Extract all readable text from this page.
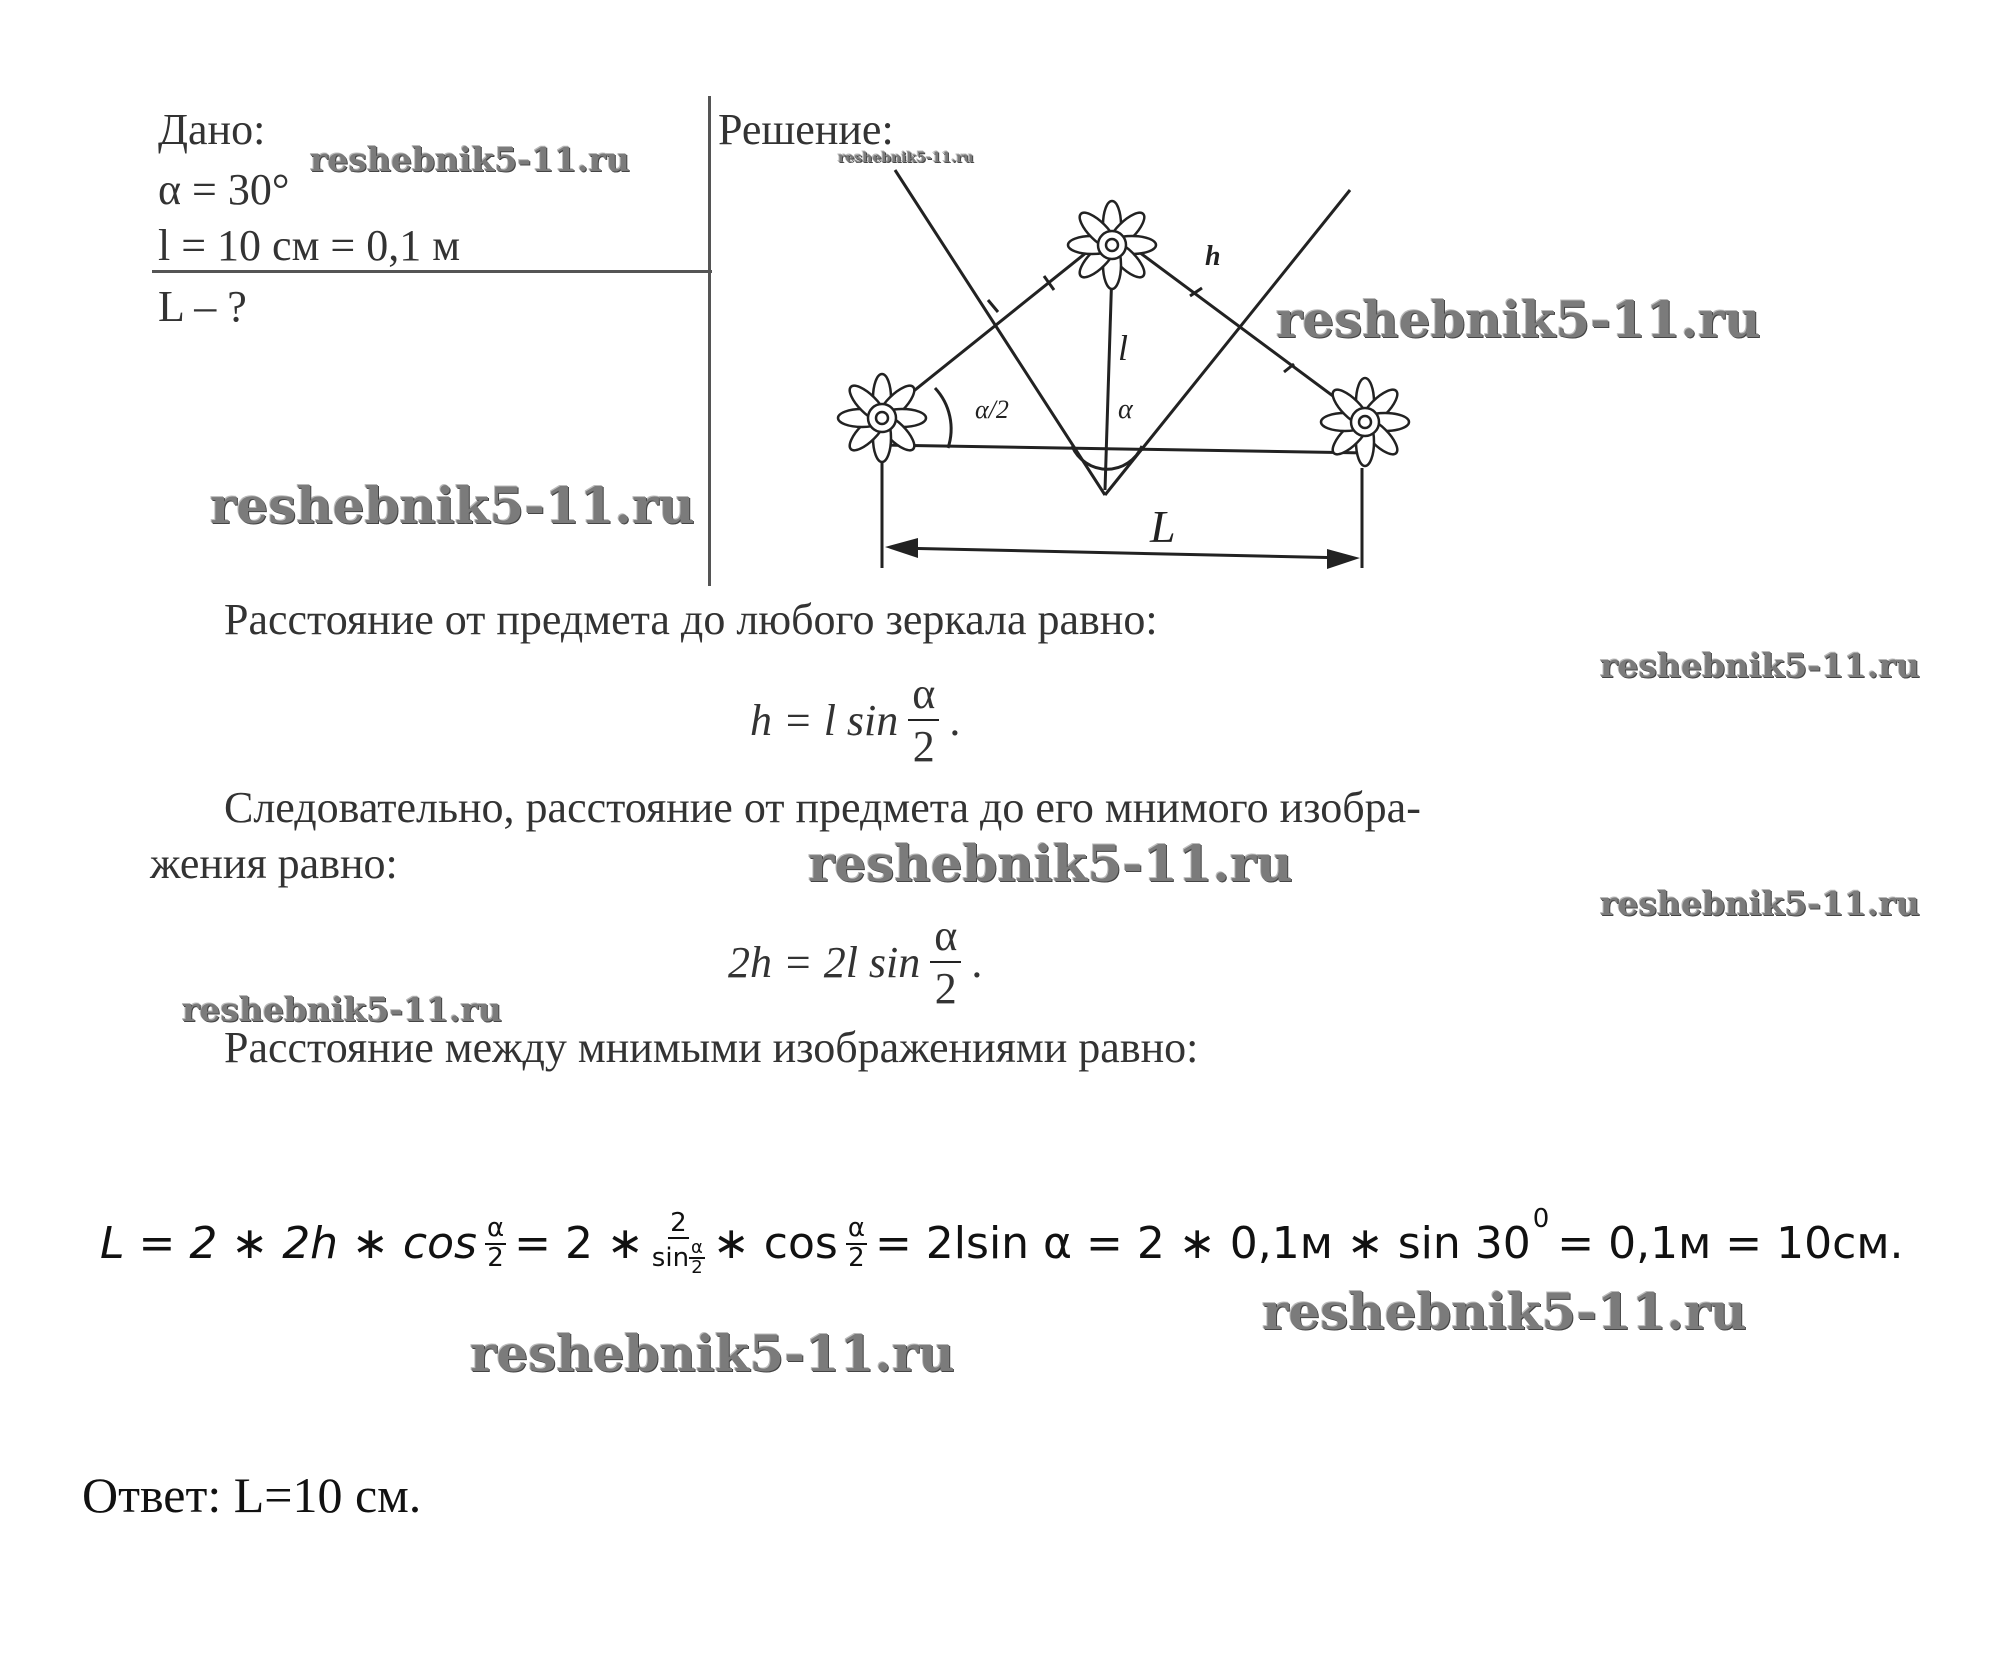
Дано:
α = 30°
l = 10 см = 0,1 м
L – ?
Решение:
h
l
α
α/2
L
Расстояние от предмета до любого зеркала равно:
h = l $\sin \frac{\alpha}{2}$ .
Следовательно, расстояние от предмета до его мнимого изобра-
жения равно:
2h = 2l $\sin \frac{\alpha}{2}$ .
Расстояние между мнимыми изображениями равно:
L = 2 ∗ 2h ∗ $\cos \frac{\alpha}{2} = 2$ ∗ $\frac{2}{\sin \frac{\alpha}{2}}$ ∗ $\cos \frac{\alpha}{2} = 2lsin$ α = 2 ∗ 0,1м ∗ $\sin 30^0 = 0,1м = 10см$.
Ответ: L=10 см.
reshebnik5-11.ru	reshebnik5-11.ru
reshebnik5-11.ru
reshebnik5-11.ru
reshebnik5-11.ru
reshebnik5-11.ru
reshebnik5-11.ru
reshebnik5-11.ru
reshebnik5-11.ru
reshebnik5-11.ru
